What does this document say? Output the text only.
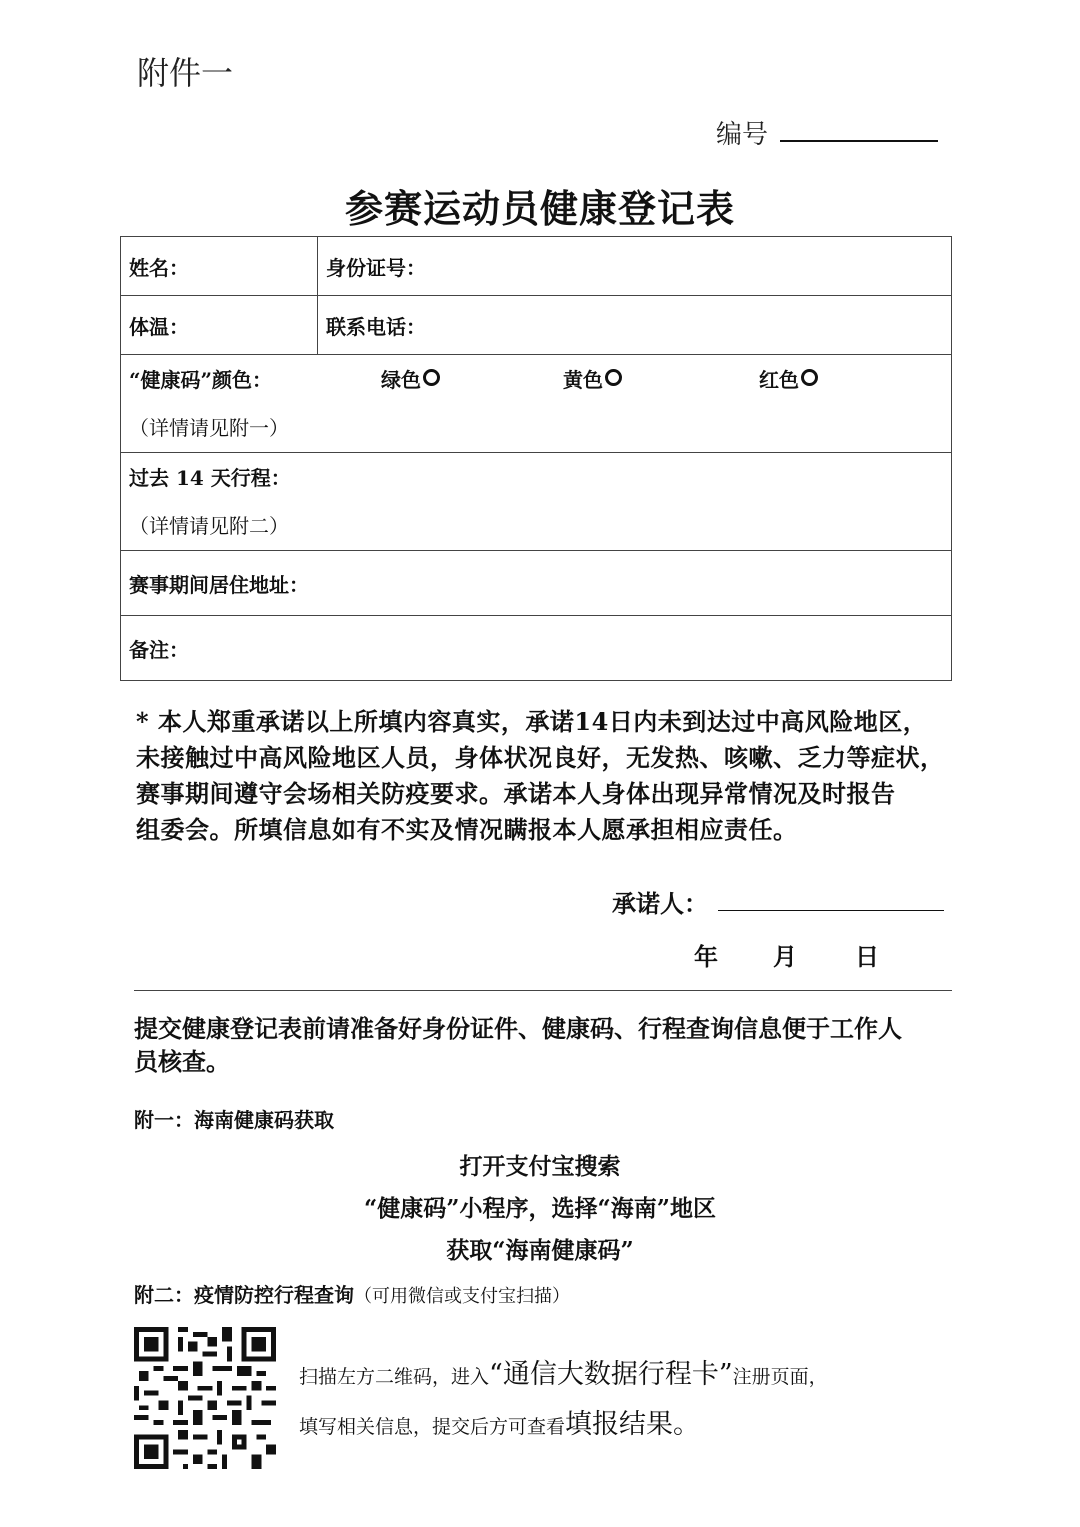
附件一
编号
参赛运动员健康登记表
姓名：	身份证号：
体温：	联系电话：

“健康码”颜色： 绿色 黄色 红色
（详情请见附一）	

过去 14 天行程：
（详情请见附二）	

赛事期间居住地址：	
备注：	
* 本人郑重承诺以上所填内容真实，承诺14日内未到达过中高风险地区，
未接触过中高风险地区人员，身体状况良好，无发热、咳嗽、乏力等症状，
赛事期间遵守会场相关防疫要求。承诺本人身体出现异常情况及时报告
组委会。所填信息如有不实及情况瞒报本人愿承担相应责任。
承诺人：
年 月 日
提交健康登记表前请准备好身份证件、健康码、行程查询信息便于工作人
员核查。
附一：海南健康码获取
打开支付宝搜索
“健康码”小程序，选择“海南”地区
获取“海南健康码”
附二：疫情防控行程查询（可用微信或支付宝扫描）
扫描左方二维码，进入“通信大数据行程卡”注册页面，
填写相关信息，提交后方可查看填报结果。
